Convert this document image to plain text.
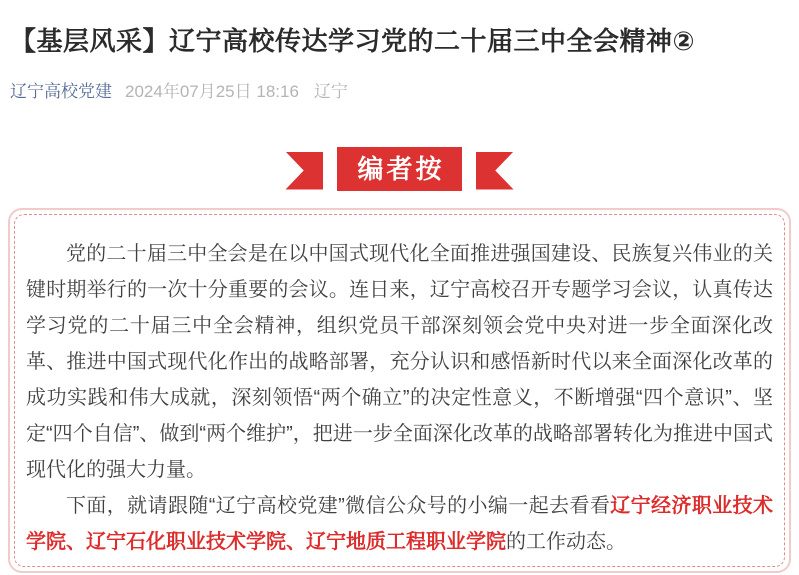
【基层风采】辽宁高校传达学习党的二十届三中全会精神②
辽宁高校党建 2024年07月25日 18:16 辽宁
编者按

党的二十届三中全会是在以中国式现代化全面推进强国建设、民族复兴伟业的关键时期举行的一次十分重要的会议。连日来，辽宁高校召开专题学习会议，认真传达学习党的二十届三中全会精神，组织党员干部深刻领会党中央对进一步全面深化改革、推进中国式现代化作出的战略部署，充分认识和感悟新时代以来全面深化改革的成功实践和伟大成就，深刻领悟“两个确立”的决定性意义，不断增强“四个意识”、坚定“四个自信”、做到“两个维护”，把进一步全面深化改革的战略部署转化为推进中国式现代化的强大力量。

下面，就请跟随“辽宁高校党建”微信公众号的小编一起去看看辽宁经济职业技术学院、辽宁石化职业技术学院、辽宁地质工程职业学院的工作动态。
